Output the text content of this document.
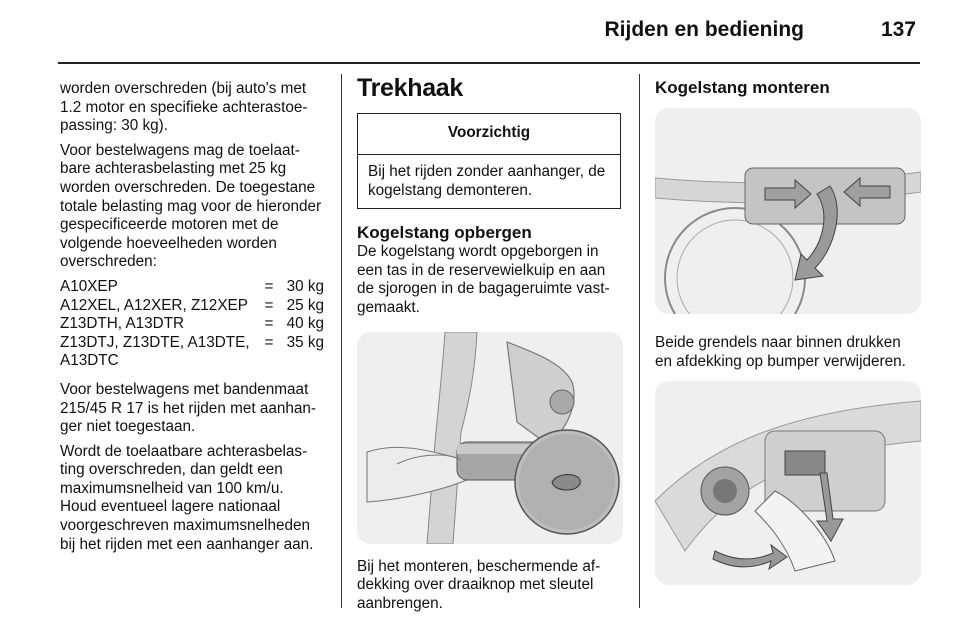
Rijden en bediening	137

worden overschreden (bij auto's met 1.2 motor en specifieke achterastoepassing: 30 kg).

Voor bestelwagens mag de toelaatbare achterasbelasting met 25 kg worden overschreden. De toegestane totale belasting mag voor de hieronder gespecificeerde motoren met de volgende hoeveelheden worden overschreden:

A10XEP	=	30 kg
A12XEL, A12XER, Z12XEP	=	25 kg
Z13DTH, A13DTR	=	40 kg
Z13DTJ, Z13DTE, A13DTE, A13DTC	=	35 kg

Voor bestelwagens met bandenmaat 215/45 R 17 is het rijden met aanhanger niet toegestaan.

Wordt de toelaatbare achterasbelasting overschreden, dan geldt een maximumsnelheid van 100 km/u. Houd eventueel lagere nationaal voorgeschreven maximumsnelheden bij het rijden met een aanhanger aan.

Trekhaak
Voorzichtig
Bij het rijden zonder aanhanger, de kogelstang demonteren.
Kogelstang opbergen

De kogelstang wordt opgeborgen in een tas in de reservewielkuip en aan de sjorogen in de bagageruimte vastgemaakt.

Bij het monteren, beschermende afdekking over draaiknop met sleutel aanbrengen.

Kogelstang monteren

Beide grendels naar binnen drukken en afdekking op bumper verwijderen.
